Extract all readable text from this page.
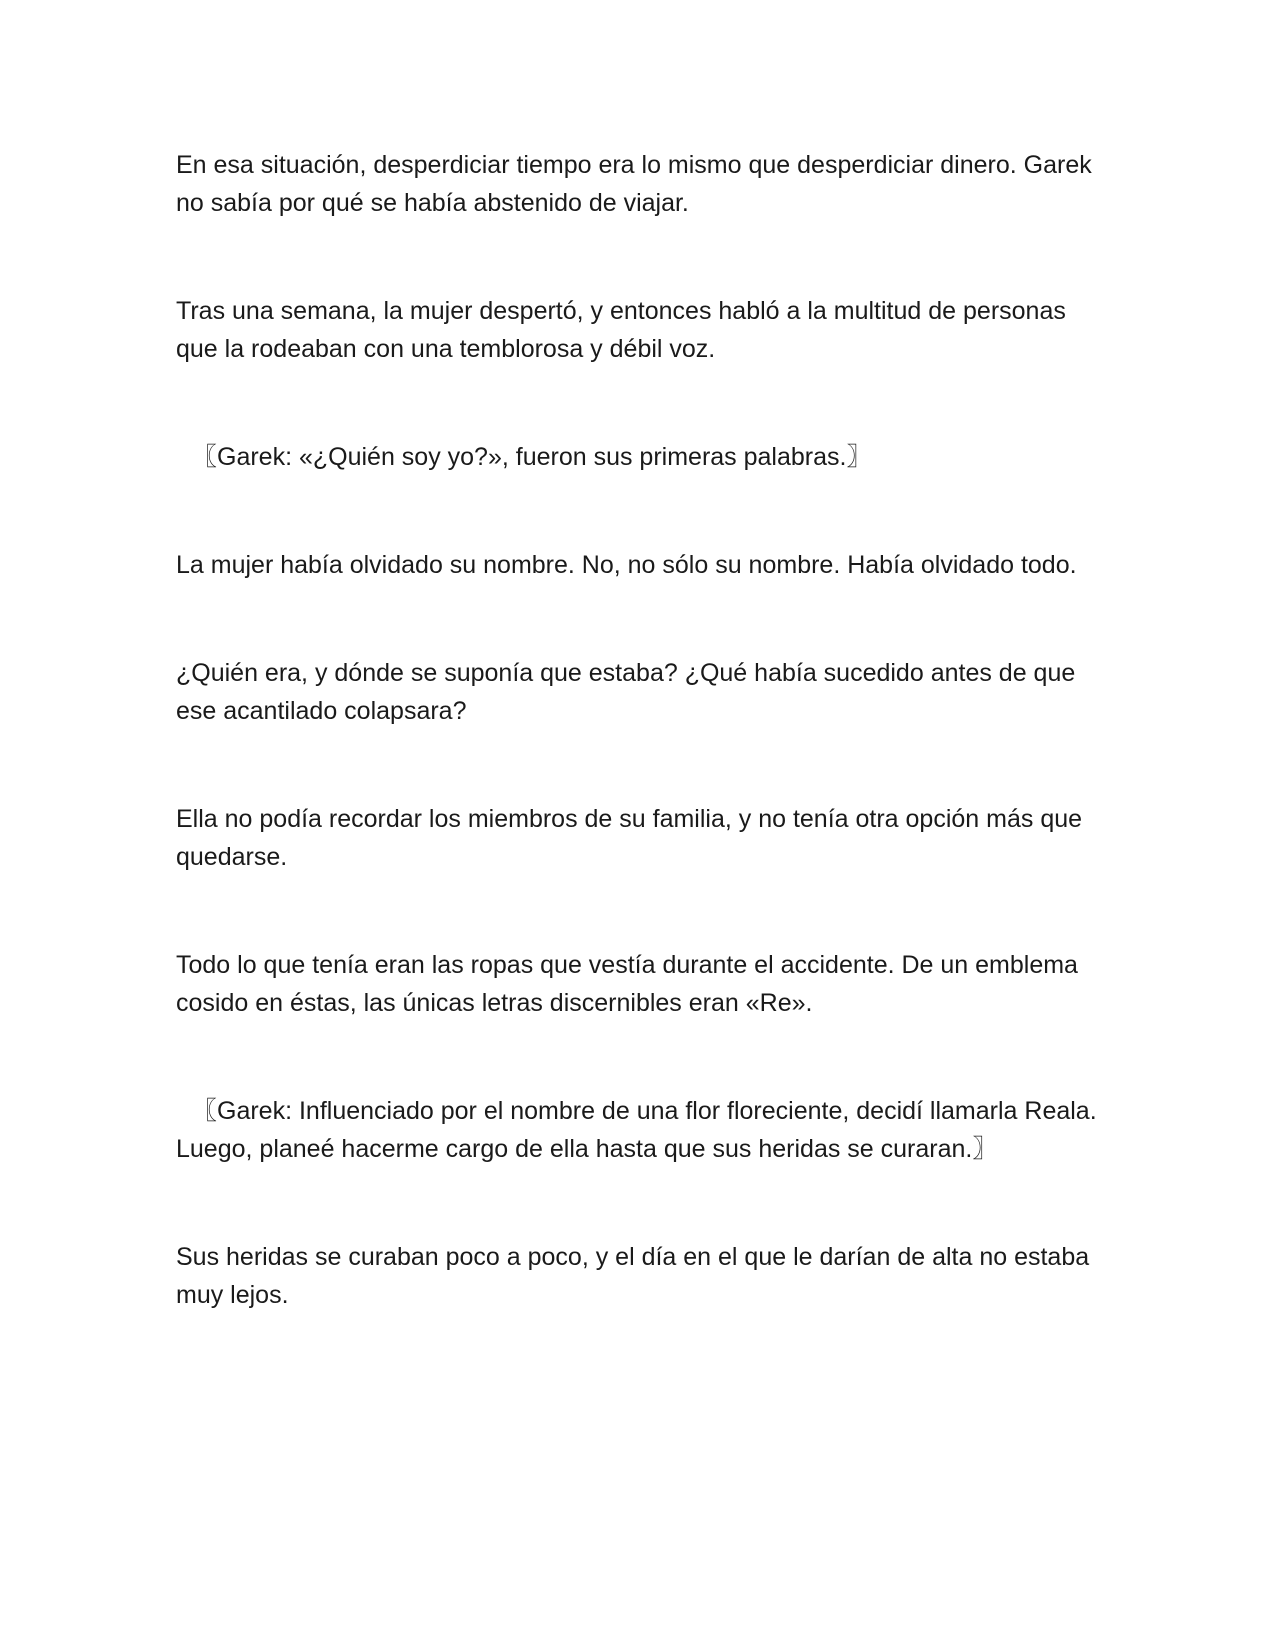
En esa situación, desperdiciar tiempo era lo mismo que desperdiciar dinero. Garek no sabía por qué se había abstenido de viajar.

Tras una semana, la mujer despertó, y entonces habló a la multitud de personas que la rodeaban con una temblorosa y débil voz.

〖Garek: «¿Quién soy yo?», fueron sus primeras palabras.〗

La mujer había olvidado su nombre. No, no sólo su nombre. Había olvidado todo.

¿Quién era, y dónde se suponía que estaba? ¿Qué había sucedido antes de que ese acantilado colapsara?

Ella no podía recordar los miembros de su familia, y no tenía otra opción más que quedarse.

Todo lo que tenía eran las ropas que vestía durante el accidente. De un emblema cosido en éstas, las únicas letras discernibles eran «Re».

〖Garek: Influenciado por el nombre de una flor floreciente, decidí llamarla Reala. Luego, planeé hacerme cargo de ella hasta que sus heridas se curaran.〗

Sus heridas se curaban poco a poco, y el día en el que le darían de alta no estaba muy lejos.
